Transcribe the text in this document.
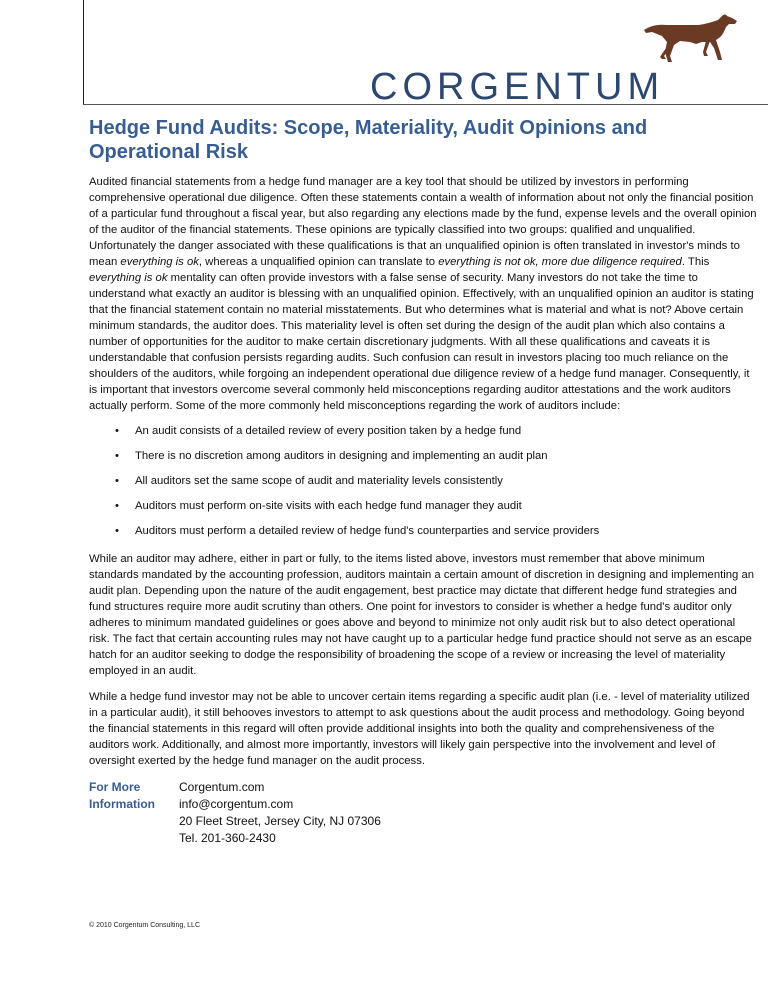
CORGENTUM
Hedge Fund Audits: Scope, Materiality, Audit Opinions and Operational Risk

Audited financial statements from a hedge fund manager are a key tool that should be utilized by investors in performing comprehensive operational due diligence. Often these statements contain a wealth of information about not only the financial position of a particular fund throughout a fiscal year, but also regarding any elections made by the fund, expense levels and the overall opinion of the auditor of the financial statements. These opinions are typically classified into two groups: qualified and unqualified. Unfortunately the danger associated with these qualifications is that an unqualified opinion is often translated in investor's minds to mean everything is ok, whereas a unqualified opinion can translate to everything is not ok, more due diligence required. This everything is ok mentality can often provide investors with a false sense of security. Many investors do not take the time to understand what exactly an auditor is blessing with an unqualified opinion. Effectively, with an unqualified opinion an auditor is stating that the financial statement contain no material misstatements. But who determines what is material and what is not? Above certain minimum standards, the auditor does. This materiality level is often set during the design of the audit plan which also contains a number of opportunities for the auditor to make certain discretionary judgments. With all these qualifications and caveats it is understandable that confusion persists regarding audits. Such confusion can result in investors placing too much reliance on the shoulders of the auditors, while forgoing an independent operational due diligence review of a hedge fund manager. Consequently, it is important that investors overcome several commonly held misconceptions regarding auditor attestations and the work auditors actually perform. Some of the more commonly held misconceptions regarding the work of auditors include:

• An audit consists of a detailed review of every position taken by a hedge fund
• There is no discretion among auditors in designing and implementing an audit plan
• All auditors set the same scope of audit and materiality levels consistently
• Auditors must perform on-site visits with each hedge fund manager they audit
• Auditors must perform a detailed review of hedge fund's counterparties and service providers

While an auditor may adhere, either in part or fully, to the items listed above, investors must remember that above minimum standards mandated by the accounting profession, auditors maintain a certain amount of discretion in designing and implementing an audit plan. Depending upon the nature of the audit engagement, best practice may dictate that different hedge fund strategies and fund structures require more audit scrutiny than others. One point for investors to consider is whether a hedge fund's auditor only adheres to minimum mandated guidelines or goes above and beyond to minimize not only audit risk but to also detect operational risk. The fact that certain accounting rules may not have caught up to a particular hedge fund practice should not serve as an escape hatch for an auditor seeking to dodge the responsibility of broadening the scope of a review or increasing the level of materiality employed in an audit.

While a hedge fund investor may not be able to uncover certain items regarding a specific audit plan (i.e. - level of materiality utilized in a particular audit), it still behooves investors to attempt to ask questions about the audit process and methodology. Going beyond the financial statements in this regard will often provide additional insights into both the quality and comprehensiveness of the auditors work. Additionally, and almost more importantly, investors will likely gain perspective into the involvement and level of oversight exerted by the hedge fund manager on the audit process.

For More
Information
Corgentum.com
info@corgentum.com
20 Fleet Street, Jersey City, NJ 07306
Tel. 201-360-2430
© 2010 Corgentum Consulting, LLC
